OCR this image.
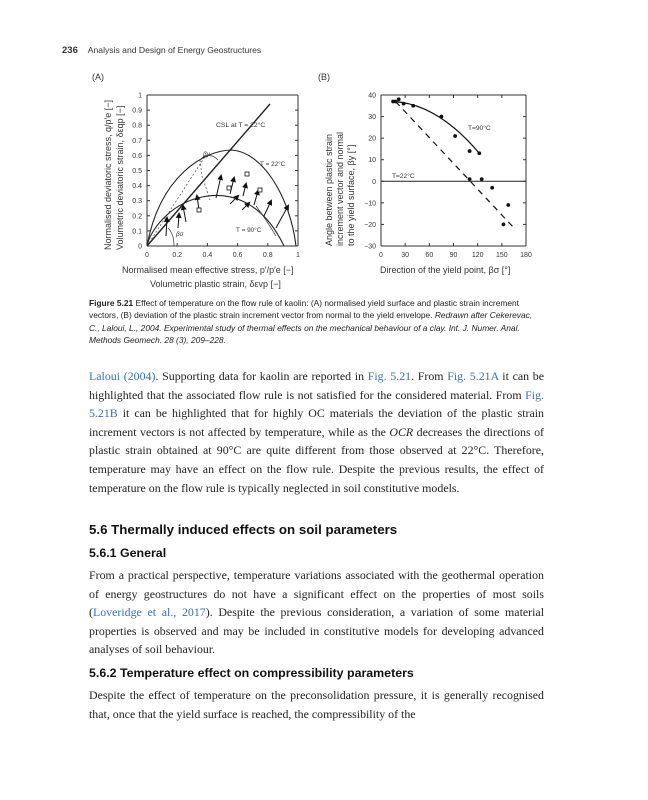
236 Analysis and Design of Energy Geostructures
(A)
0	0.2	0.4	0.6	0.8	1
0
0.1
0.2
0.3
0.4
0.5
0.6
0.7
0.8
0.9
1
CSL at T = 22°C
T = 22°C
T = 90°C
βy
βσ
Normalised deviatoric stress, q/p′e [−] Volumetric deviatoric strain, δεqp [−]
Normalised mean effective stress, p′/p′e [−]
Volumetric plastic strain, δεvp [−]
(B)
0	30 60 90 120 150 180
−30
−20
−10
0
10
20
30
40
T=90°C
T=22°C
Angle between plastic strain increment vector and normal to the yield surface, βy [°]
Direction of the yield point, βσ [°]
Figure 5.21 Effect of temperature on the flow rule of kaolin: (A) normalised yield surface and plastic strain increment vectors, (B) deviation of the plastic strain increment vector from normal to the yield envelope. Redrawn after Cekerevac, C., Laloui, L., 2004. Experimental study of thermal effects on the mechanical behaviour of a clay. Int. J. Numer. Anal. Methods Geomech. 28 (3), 209–228.

Laloui (2004). Supporting data for kaolin are reported in Fig. 5.21. From Fig. 5.21A it can be highlighted that the associated flow rule is not satisfied for the considered material. From Fig. 5.21B it can be highlighted that for highly OC materials the deviation of the plastic strain increment vectors is not affected by temperature, while as the OCR decreases the directions of plastic strain obtained at 90°C are quite different from those observed at 22°C. Therefore, temperature may have an effect on the flow rule. Despite the previous results, the effect of temperature on the flow rule is typically neglected in soil constitutive models.

5.6 Thermally induced effects on soil parameters
5.6.1 General

From a practical perspective, temperature variations associated with the geothermal operation of energy geostructures do not have a significant effect on the properties of most soils (Loveridge et al., 2017). Despite the previous consideration, a variation of some material properties is observed and may be included in constitutive models for developing advanced analyses of soil behaviour.

5.6.2 Temperature effect on compressibility parameters

Despite the effect of temperature on the preconsolidation pressure, it is generally recognised that, once that the yield surface is reached, the compressibility of the
